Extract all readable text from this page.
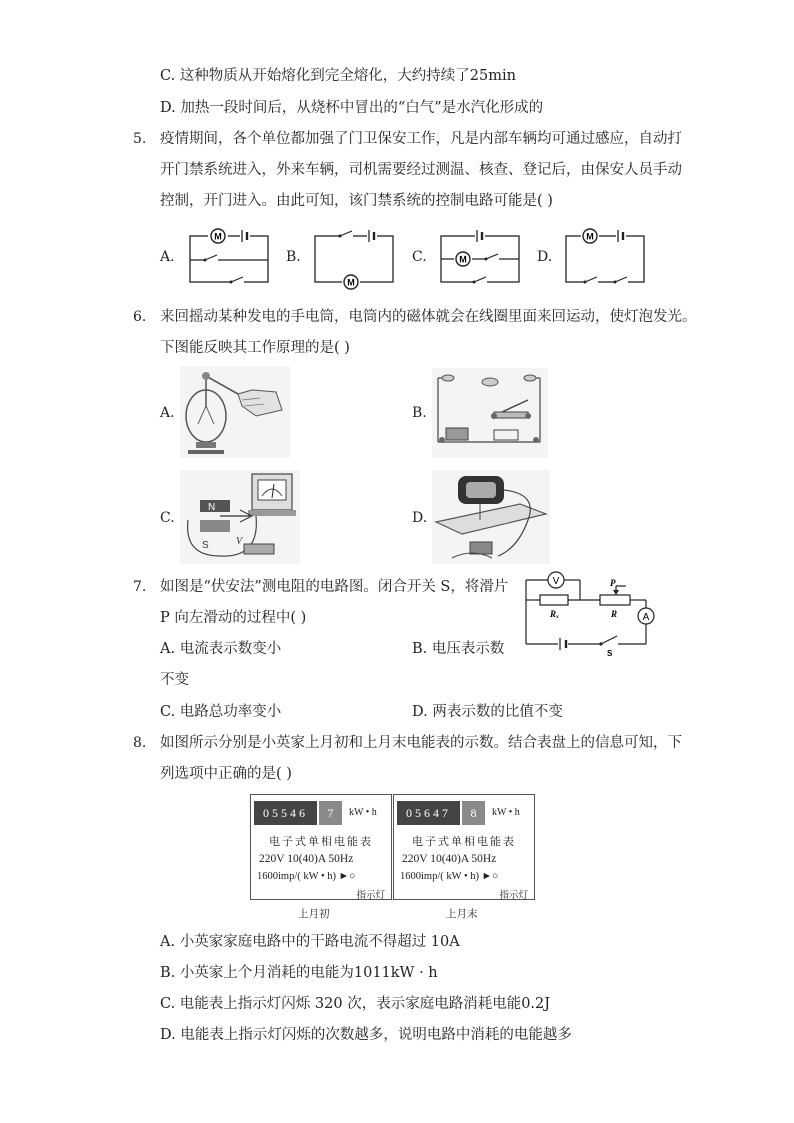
C. 这种物质从开始熔化到完全熔化，大约持续了25min
D. 加热一段时间后，从烧杯中冒出的“白气”是水汽化形成的
5. 疫情期间，各个单位都加强了门卫保安工作，凡是内部车辆均可通过感应，自动打
开门禁系统进入，外来车辆，司机需要经过测温、核查、登记后，由保安人员手动
控制，开门进入。由此可知，该门禁系统的控制电路可能是( )
A.	B.	C.	D.
M
M
M
M
6. 来回摇动某种发电的手电筒，电筒内的磁体就会在线圈里面来回运动，使灯泡发光。
下图能反映其工作原理的是( )
A.	B.
C.	D.
N
S	V
7. 如图是“伏安法”测电阻的电路图。闭合开关 S，将滑片
P 向左滑动的过程中( )
A. 电流表示数变小	B. 电压表示数
不变
C. 电路总功率变小	D. 两表示数的比值不变
V
A
P
R
Rₓ
S
8. 如图所示分别是小英家上月初和上月末电能表的示数。结合表盘上的信息可知，下
列选项中正确的是( )
05546	7	kW • h
电子式单相电能表
220V 10(40)A 50Hz
1600imp/( kW • h) ►○
指示灯
上月初
05647	8	kW • h
电子式单相电能表
220V 10(40)A 50Hz
1600imp/( kW • h) ►○
指示灯
上月末
A. 小英家家庭电路中的干路电流不得超过 10A
B. 小英家上个月消耗的电能为1011kW · h
C. 电能表上指示灯闪烁 320 次，表示家庭电路消耗电能0.2J
D. 电能表上指示灯闪烁的次数越多，说明电路中消耗的电能越多
